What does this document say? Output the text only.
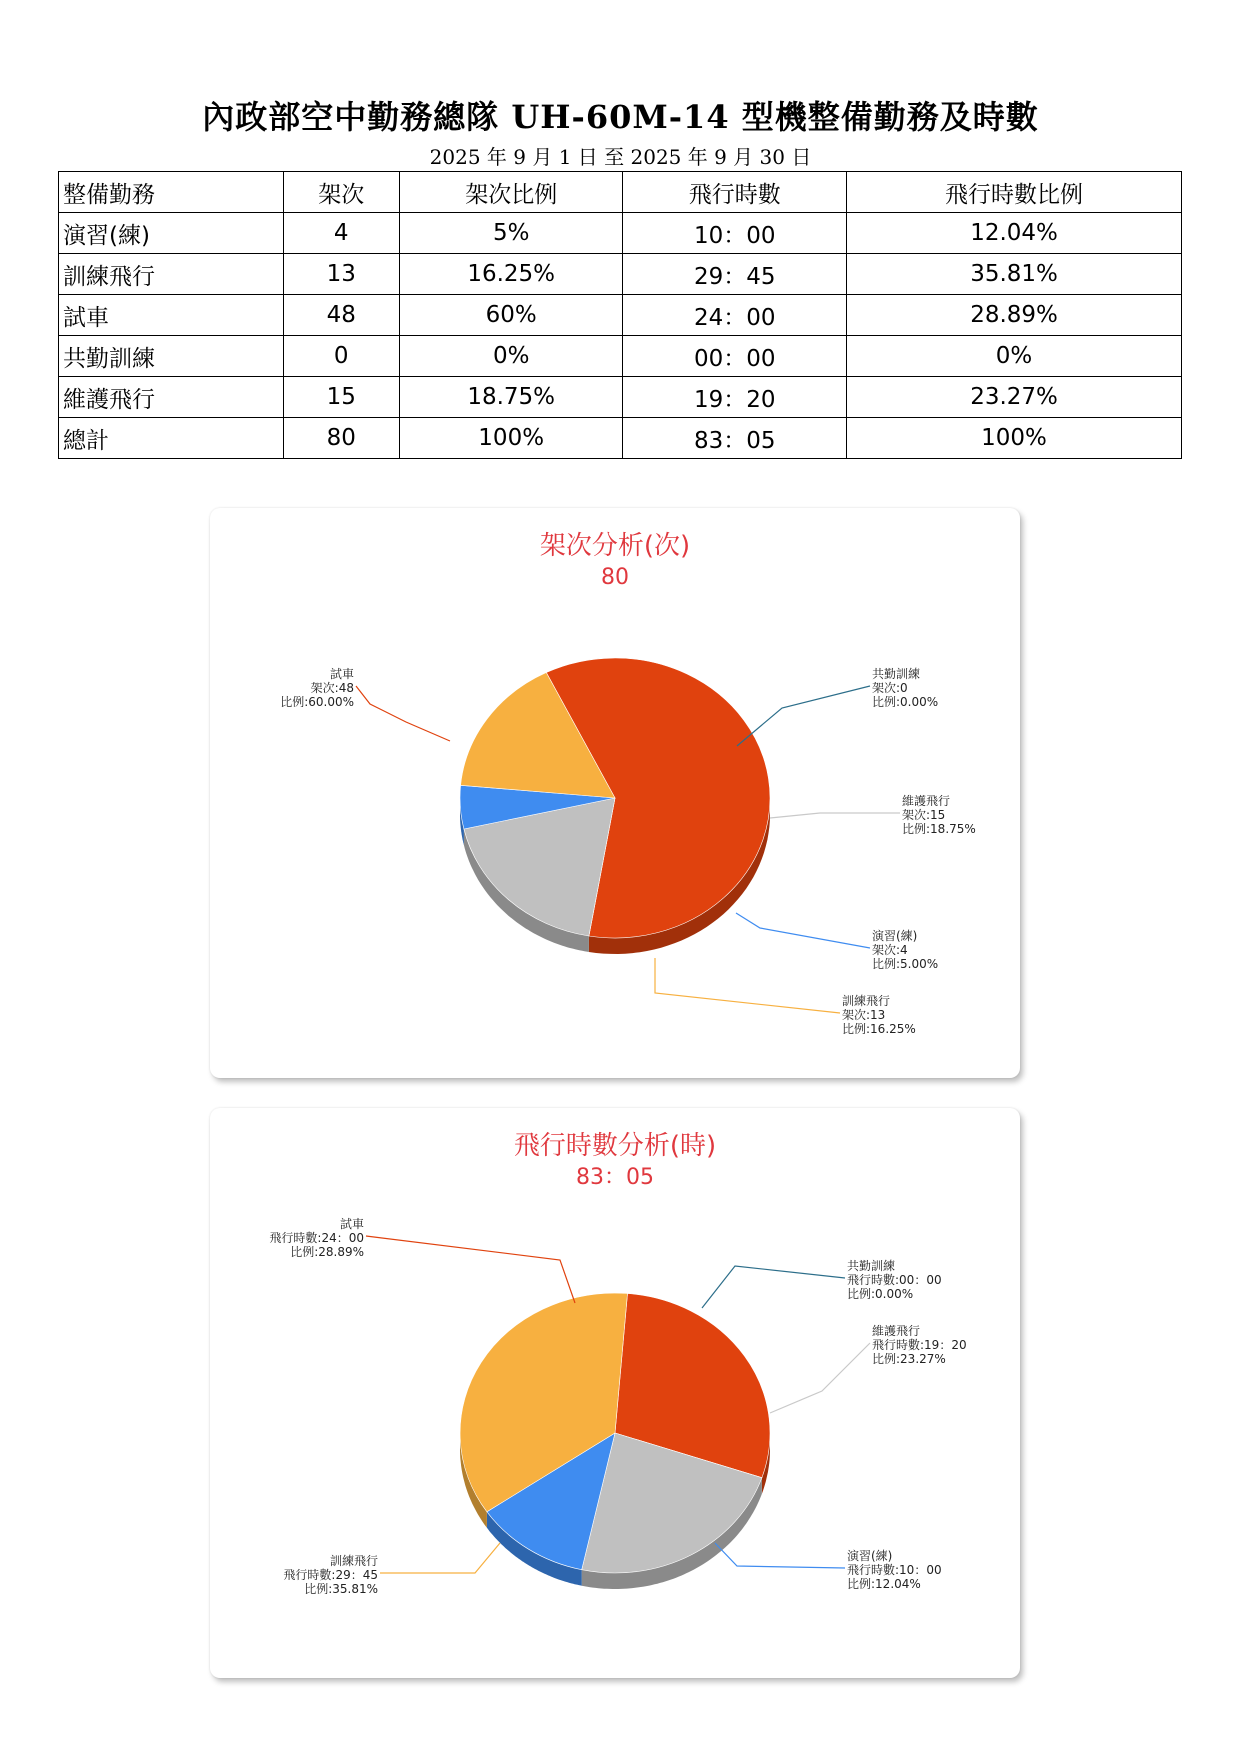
內政部空中勤務總隊 UH-60M-14 型機整備勤務及時數
2025 年 9 月 1 日 至 2025 年 9 月 30 日
整備勤務	架次	架次比例	飛行時數	飛行時數比例
演習(練)	4	5%	10：00	12.04%
訓練飛行	13	16.25%	29：45	35.81%
試車	48	60%	24：00	28.89%
共勤訓練	0	0%	00：00	0%
維護飛行	15	18.75%	19：20	23.27%
總計	80	100%	83：05	100%
架次分析(次)
80
試車
架次:48
比例:60.00%
共勤訓練
架次:0
比例:0.00%
維護飛行
架次:15
比例:18.75%
演習(練)
架次:4
比例:5.00%
訓練飛行
架次:13
比例:16.25%
飛行時數分析(時)
83：05
試車
飛行時數:24：00
比例:28.89%
共勤訓練
飛行時數:00：00
比例:0.00%
維護飛行
飛行時數:19：20
比例:23.27%
演習(練)
飛行時數:10：00
比例:12.04%
訓練飛行
飛行時數:29：45
比例:35.81%
